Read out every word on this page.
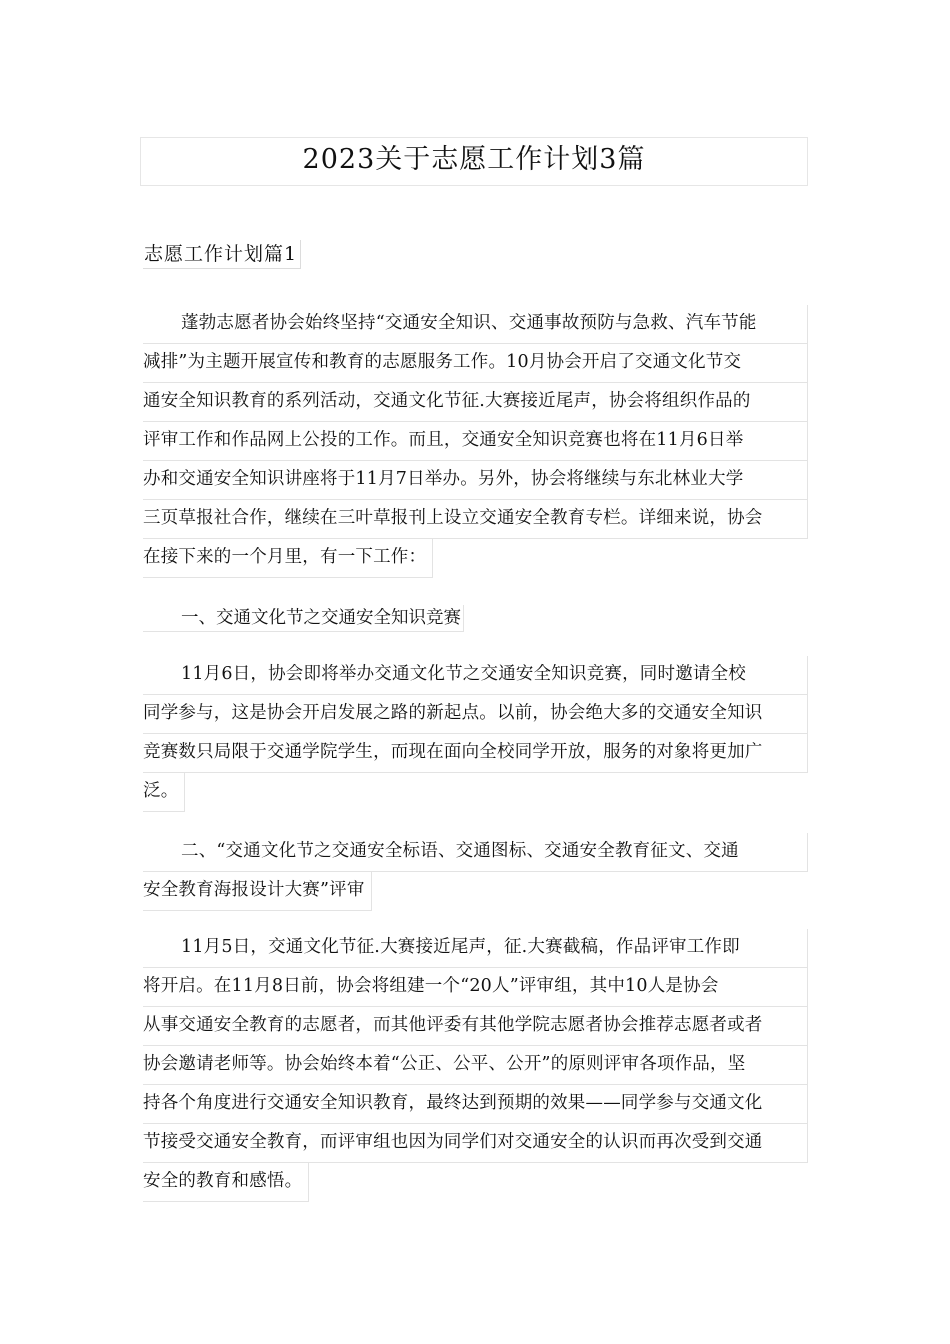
2023关于志愿工作计划3篇
志愿工作计划篇1
蓬勃志愿者协会始终坚持“交通安全知识、交通事故预防与急救、汽车节能
减排”为主题开展宣传和教育的志愿服务工作。10月协会开启了交通文化节交
通安全知识教育的系列活动，交通文化节征.大赛接近尾声，协会将组织作品的
评审工作和作品网上公投的工作。而且，交通安全知识竞赛也将在11月6日举
办和交通安全知识讲座将于11月7日举办。另外，协会将继续与东北林业大学
三页草报社合作，继续在三叶草报刊上设立交通安全教育专栏。详细来说，协会
在接下来的一个月里，有一下工作：
一、交通文化节之交通安全知识竞赛
11月6日，协会即将举办交通文化节之交通安全知识竞赛，同时邀请全校
同学参与，这是协会开启发展之路的新起点。以前，协会绝大多的交通安全知识
竞赛数只局限于交通学院学生，而现在面向全校同学开放，服务的对象将更加广
泛。
二、“交通文化节之交通安全标语、交通图标、交通安全教育征文、交通
安全教育海报设计大赛”评审
11月5日，交通文化节征.大赛接近尾声，征.大赛截稿，作品评审工作即
将开启。在11月8日前，协会将组建一个“20人”评审组，其中10人是协会
从事交通安全教育的志愿者，而其他评委有其他学院志愿者协会推荐志愿者或者
协会邀请老师等。协会始终本着“公正、公平、公开”的原则评审各项作品，坚
持各个角度进行交通安全知识教育，最终达到预期的效果——同学参与交通文化
节接受交通安全教育，而评审组也因为同学们对交通安全的认识而再次受到交通
安全的教育和感悟。
